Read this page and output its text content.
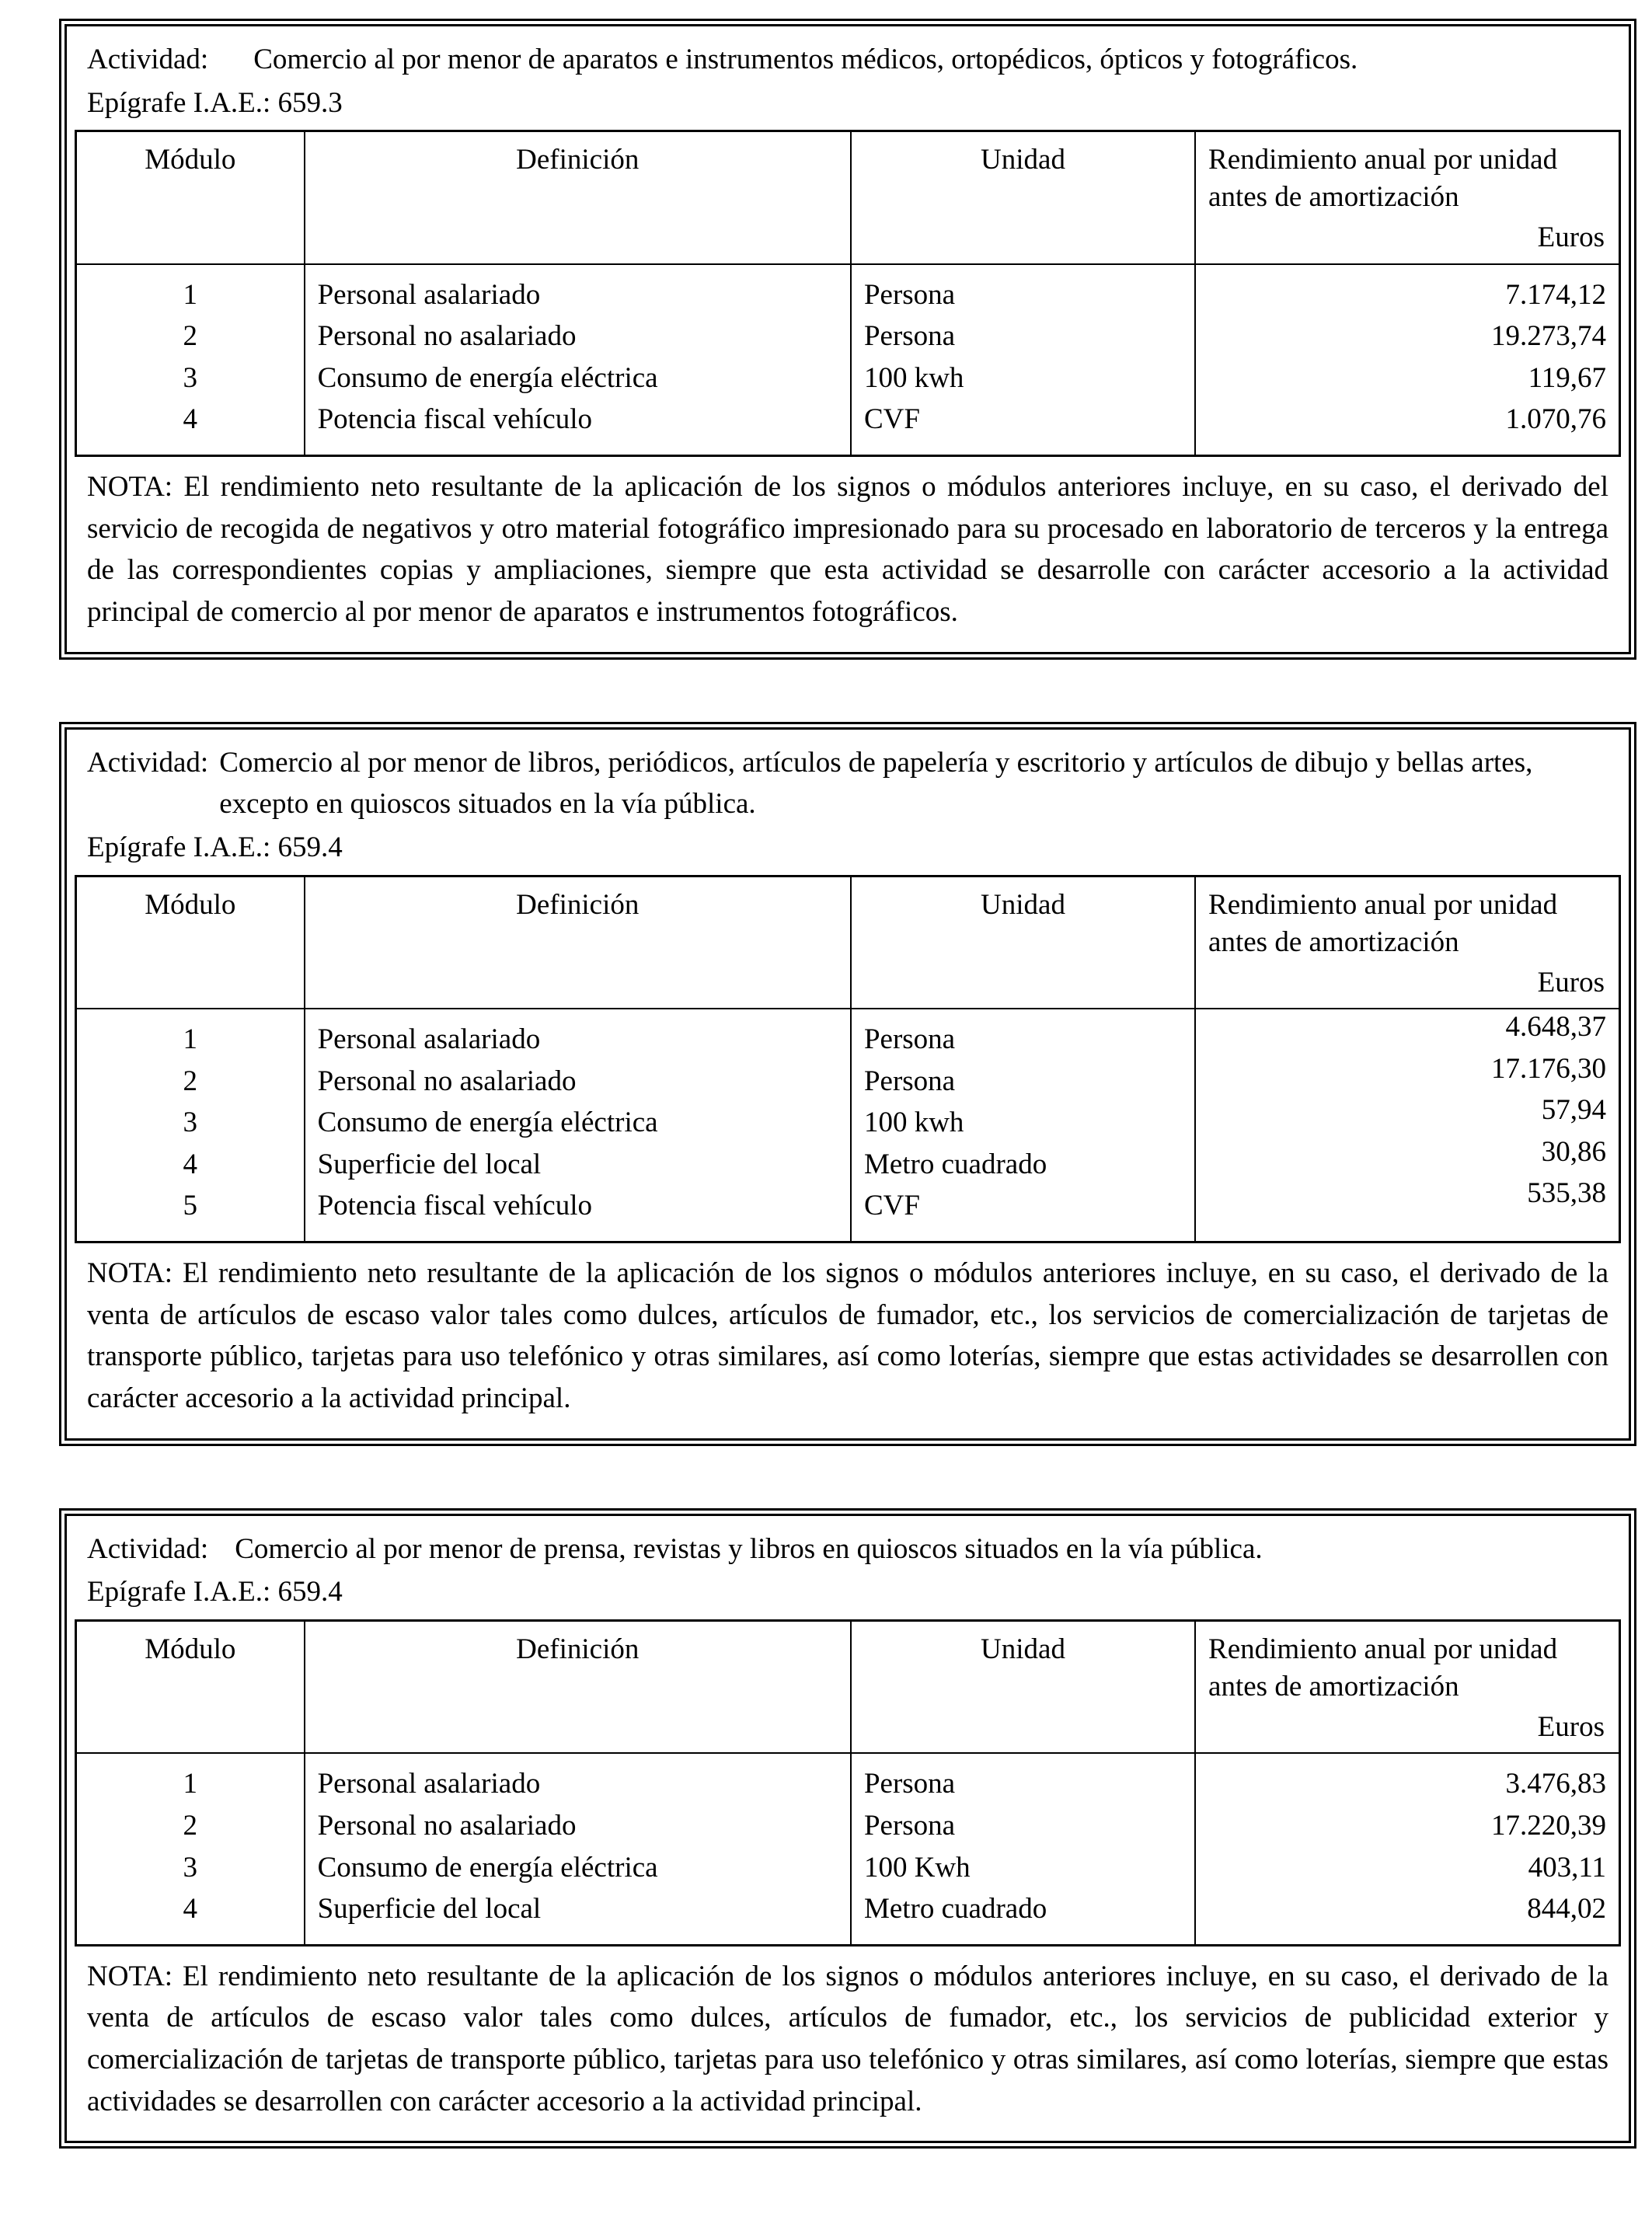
Actividad:	Comercio al por menor de aparatos e instrumentos médicos, ortopédicos, ópticos y fotográficos.
Epígrafe I.A.E.: 659.3
Módulo	Definición	Unidad	Rendimiento anual por unidad antes de amortización
Euros

1	Personal asalariado	Persona	7.174,12
2	Personal no asalariado	Persona	19.273,74
3	Consumo de energía eléctrica	100 kwh	119,67
4	Potencia fiscal vehículo	CVF	1.070,76

NOTA: El rendimiento neto resultante de la aplicación de los signos o módulos anteriores incluye, en su caso, el derivado del servicio de recogida de negativos y otro material fotográfico impresionado para su procesado en laboratorio de terceros y la entrega de las correspondientes copias y ampliaciones, siempre que esta actividad se desarrolle con carácter accesorio a la actividad principal de comercio al por menor de aparatos e instrumentos fotográficos.

Actividad: Comercio al por menor de libros, periódicos, artículos de papelería y escritorio y artículos de dibujo y bellas artes, excepto en quioscos situados en la vía pública.
Epígrafe I.A.E.: 659.4
Módulo	Definición	Unidad	Rendimiento anual por unidad antes de amortización
Euros

1	Personal asalariado	Persona	4.648,37
2	Personal no asalariado	Persona	17.176,30
3	Consumo de energía eléctrica	100 kwh	57,94
4	Superficie del local	Metro cuadrado	30,86
5	Potencia fiscal vehículo	CVF	535,38

NOTA: El rendimiento neto resultante de la aplicación de los signos o módulos anteriores incluye, en su caso, el derivado de la venta de artículos de escaso valor tales como dulces, artículos de fumador, etc., los servicios de comercialización de tarjetas de transporte público, tarjetas para uso telefónico y otras similares, así como loterías, siempre que estas actividades se desarrollen con carácter accesorio a la actividad principal.

Actividad: Comercio al por menor de prensa, revistas y libros en quioscos situados en la vía pública.
Epígrafe I.A.E.: 659.4
Módulo	Definición	Unidad	Rendimiento anual por unidad antes de amortización
Euros

1	Personal asalariado	Persona	3.476,83
2	Personal no asalariado	Persona	17.220,39
3	Consumo de energía eléctrica	100 Kwh	403,11
4	Superficie del local	Metro cuadrado	844,02

NOTA: El rendimiento neto resultante de la aplicación de los signos o módulos anteriores incluye, en su caso, el derivado de la venta de artículos de escaso valor tales como dulces, artículos de fumador, etc., los servicios de publicidad exterior y comercialización de tarjetas de transporte público, tarjetas para uso telefónico y otras similares, así como loterías, siempre que estas actividades se desarrollen con carácter accesorio a la actividad principal.
